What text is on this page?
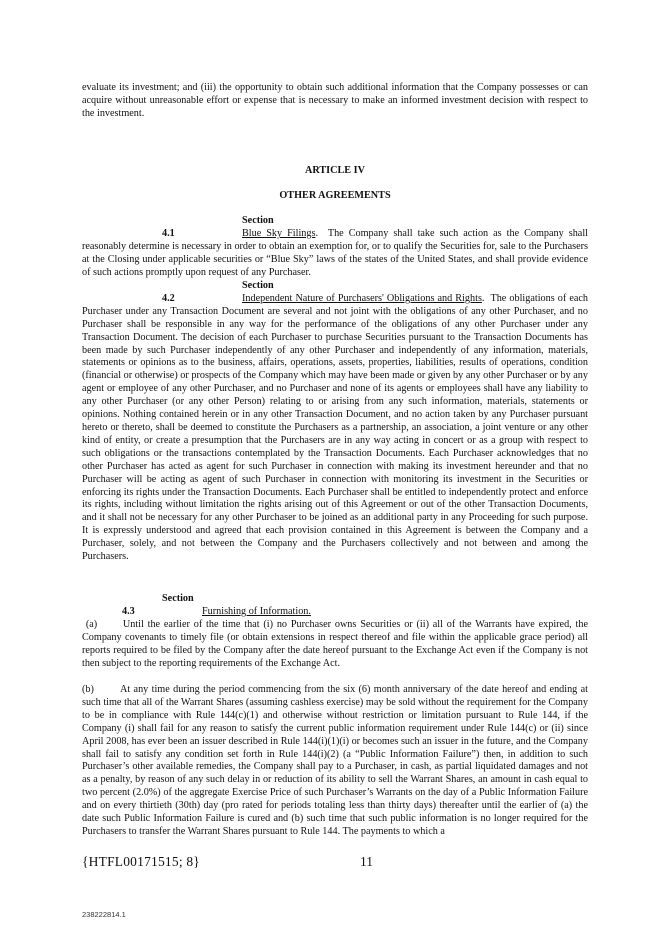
evaluate its investment; and (iii) the opportunity to obtain such additional information that the Company possesses or can acquire without unreasonable effort or expense that is necessary to make an informed investment decision with respect to the investment.

ARTICLE IV
OTHER AGREEMENTS

Section 4.1	Blue Sky Filings.  The Company shall take such action as the Company shall reasonably determine is necessary in order to obtain an exemption for, or to qualify the Securities for, sale to the Purchasers at the Closing under applicable securities or “Blue Sky” laws of the states of the United States, and shall provide evidence of such actions promptly upon request of any Purchaser.

Section 4.2	Independent Nature of Purchasers' Obligations and Rights.  The obligations of each Purchaser under any Transaction Document are several and not joint with the obligations of any other Purchaser, and no Purchaser shall be responsible in any way for the performance of the obligations of any other Purchaser under any Transaction Document. The decision of each Purchaser to purchase Securities pursuant to the Transaction Documents has been made by such Purchaser independently of any other Purchaser and independently of any information, materials, statements or opinions as to the business, affairs, operations, assets, properties, liabilities, results of operations, condition (financial or otherwise) or prospects of the Company which may have been made or given by any other Purchaser or by any agent or employee of any other Purchaser, and no Purchaser and none of its agents or employees shall have any liability to any other Purchaser (or any other Person) relating to or arising from any such information, materials, statements or opinions. Nothing contained herein or in any other Transaction Document, and no action taken by any Purchaser pursuant hereto or thereto, shall be deemed to constitute the Purchasers as a partnership, an association, a joint venture or any other kind of entity, or create a presumption that the Purchasers are in any way acting in concert or as a group with respect to such obligations or the transactions contemplated by the Transaction Documents. Each Purchaser acknowledges that no other Purchaser has acted as agent for such Purchaser in connection with making its investment hereunder and that no Purchaser will be acting as agent of such Purchaser in connection with monitoring its investment in the Securities or enforcing its rights under the Transaction Documents. Each Purchaser shall be entitled to independently protect and enforce its rights, including without limitation the rights arising out of this Agreement or out of the other Transaction Documents, and it shall not be necessary for any other Purchaser to be joined as an additional party in any Proceeding for such purpose. It is expressly understood and agreed that each provision contained in this Agreement is between the Company and a Purchaser, solely, and not between the Company and the Purchasers collectively and not between and among the Purchasers.

Section 4.3	Furnishing of Information.

(a)	Until the earlier of the time that (i) no Purchaser owns Securities or (ii) all of the Warrants have expired, the Company covenants to timely file (or obtain extensions in respect thereof and file within the applicable grace period) all reports required to be filed by the Company after the date hereof pursuant to the Exchange Act even if the Company is not then subject to the reporting requirements of the Exchange Act.

(b)	At any time during the period commencing from the six (6) month anniversary of the date hereof and ending at such time that all of the Warrant Shares (assuming cashless exercise) may be sold without the requirement for the Company to be in compliance with Rule 144(c)(1) and otherwise without restriction or limitation pursuant to Rule 144, if the Company (i) shall fail for any reason to satisfy the current public information requirement under Rule 144(c) or (ii) since April 2008, has ever been an issuer described in Rule 144(i)(1)(i) or becomes such an issuer in the future, and the Company shall fail to satisfy any condition set forth in Rule 144(i)(2) (a “Public Information Failure”) then, in addition to such Purchaser’s other available remedies, the Company shall pay to a Purchaser, in cash, as partial liquidated damages and not as a penalty, by reason of any such delay in or reduction of its ability to sell the Warrant Shares, an amount in cash equal to two percent (2.0%) of the aggregate Exercise Price of such Purchaser’s Warrants on the day of a Public Information Failure and on every thirtieth (30th) day (pro rated for periods totaling less than thirty days) thereafter until the earlier of (a) the date such Public Information Failure is cured and (b) such time that such public information is no longer required for the Purchasers to transfer the Warrant Shares pursuant to Rule 144. The payments to which a

{HTFL00171515; 8}	11
238222814.1
